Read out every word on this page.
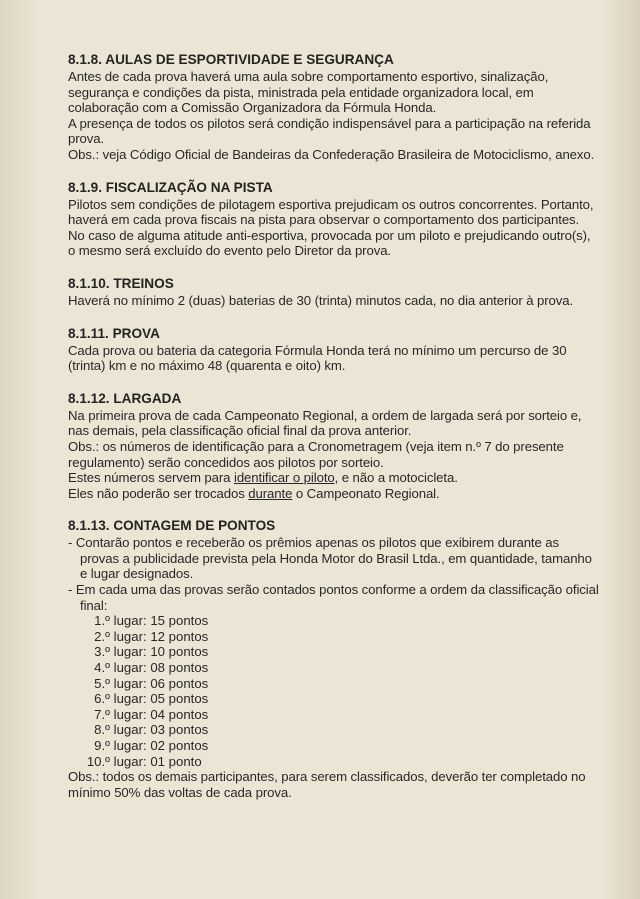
8.1.8. AULAS DE ESPORTIVIDADE E SEGURANÇA

Antes de cada prova haverá uma aula sobre comportamento esportivo, sinalização, segurança e condições da pista, ministrada pela entidade organizadora local, em colaboração com a Comissão Organizadora da Fórmula Honda.

A presença de todos os pilotos será condição indispensável para a participação na referida prova.

Obs.: veja Código Oficial de Bandeiras da Confederação Brasileira de Motociclismo, anexo.

8.1.9. FISCALIZAÇÃO NA PISTA

Pilotos sem condições de pilotagem esportiva prejudicam os outros concorrentes. Portanto, haverá em cada prova fiscais na pista para observar o comportamento dos participantes.

No caso de alguma atitude anti-esportiva, provocada por um piloto e prejudicando outro(s), o mesmo será excluído do evento pelo Diretor da prova.

8.1.10. TREINOS

Haverá no mínimo 2 (duas) baterias de 30 (trinta) minutos cada, no dia anterior à prova.

8.1.11. PROVA

Cada prova ou bateria da categoria Fórmula Honda terá no mínimo um percurso de 30 (trinta) km e no máximo 48 (quarenta e oito) km.

8.1.12. LARGADA

Na primeira prova de cada Campeonato Regional, a ordem de largada será por sorteio e, nas demais, pela classificação oficial final da prova anterior.

Obs.: os números de identificação para a Cronometragem (veja item n.º 7 do presente regulamento) serão concedidos aos pilotos por sorteio.

Estes números servem para identificar o piloto, e não a motocicleta.

Eles não poderão ser trocados durante o Campeonato Regional.

8.1.13. CONTAGEM DE PONTOS

- Contarão pontos e receberão os prêmios apenas os pilotos que exibirem durante as provas a publicidade prevista pela Honda Motor do Brasil Ltda., em quantidade, tamanho e lugar designados.

- Em cada uma das provas serão contados pontos conforme a ordem da classificação oficial final:

1.º lugar: 15 pontos
2.º lugar: 12 pontos
3.º lugar: 10 pontos
4.º lugar: 08 pontos
5.º lugar: 06 pontos
6.º lugar: 05 pontos
7.º lugar: 04 pontos
8.º lugar: 03 pontos
9.º lugar: 02 pontos
10.º lugar: 01 ponto

Obs.: todos os demais participantes, para serem classificados, deverão ter completado no mínimo 50% das voltas de cada prova.
